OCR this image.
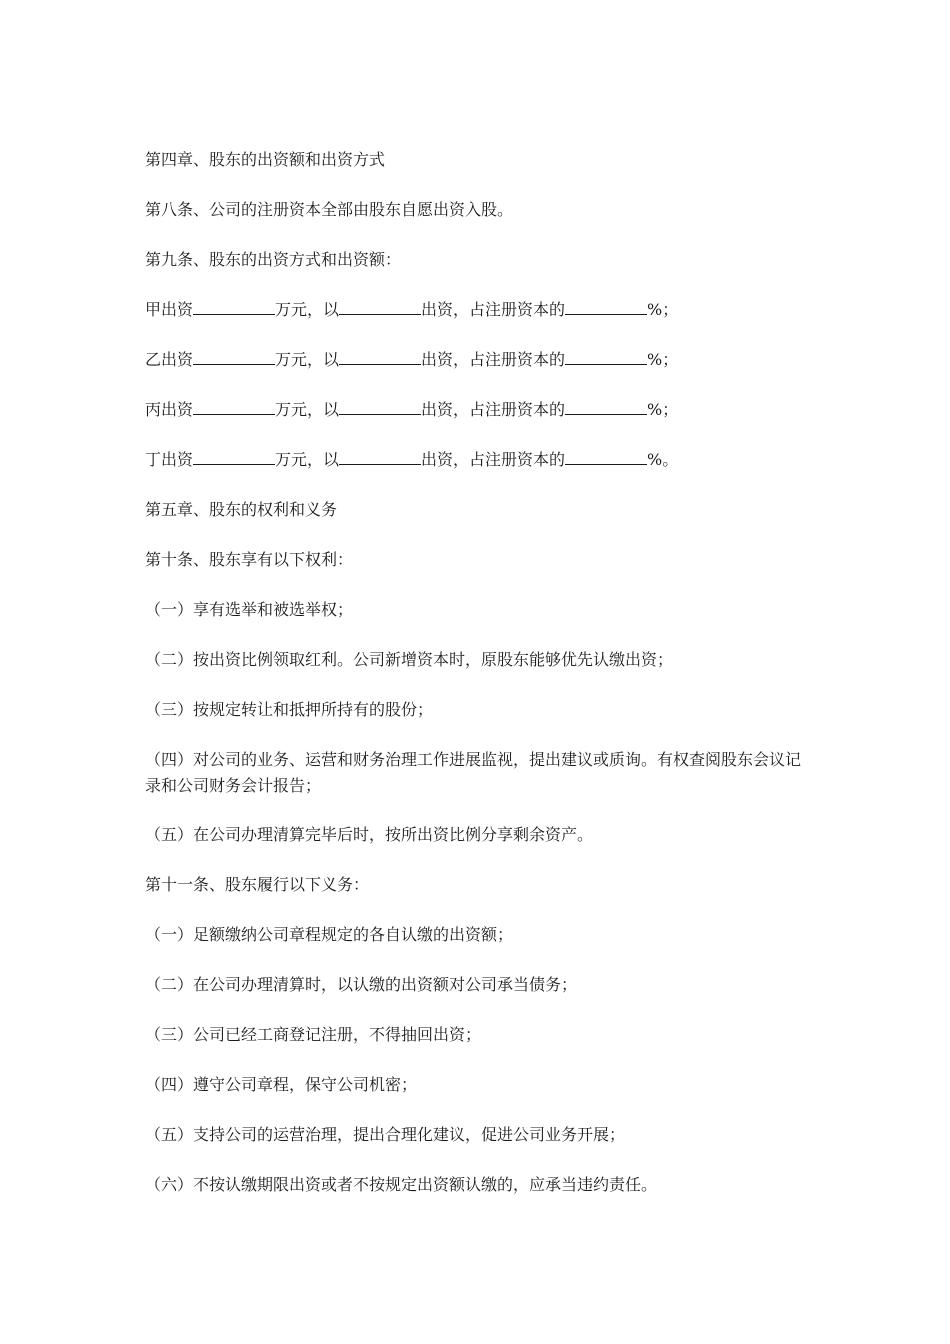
第四章、股东的出资额和出资方式
第八条、公司的注册资本全部由股东自愿出资入股。
第九条、股东的出资方式和出资额：
甲出资	万元，以	出资，占注册资本的	%；
乙出资	万元，以	出资，占注册资本的	%；
丙出资	万元，以	出资，占注册资本的	%；
丁出资	万元，以	出资，占注册资本的	%。
第五章、股东的权利和义务
第十条、股东享有以下权利：
（一）享有选举和被选举权；
（二）按出资比例领取红利。公司新增资本时，原股东能够优先认缴出资；
（三）按规定转让和抵押所持有的股份；
（四）对公司的业务、运营和财务治理工作进展监视，提出建议或质询。有权查阅股东会议记录和公司财务会计报告；
（五）在公司办理清算完毕后时，按所出资比例分享剩余资产。
第十一条、股东履行以下义务：
（一）足额缴纳公司章程规定的各自认缴的出资额；
（二）在公司办理清算时，以认缴的出资额对公司承当债务；
（三）公司已经工商登记注册，不得抽回出资；
（四）遵守公司章程，保守公司机密；
（五）支持公司的运营治理，提出合理化建议，促进公司业务开展；
（六）不按认缴期限出资或者不按规定出资额认缴的，应承当违约责任。
